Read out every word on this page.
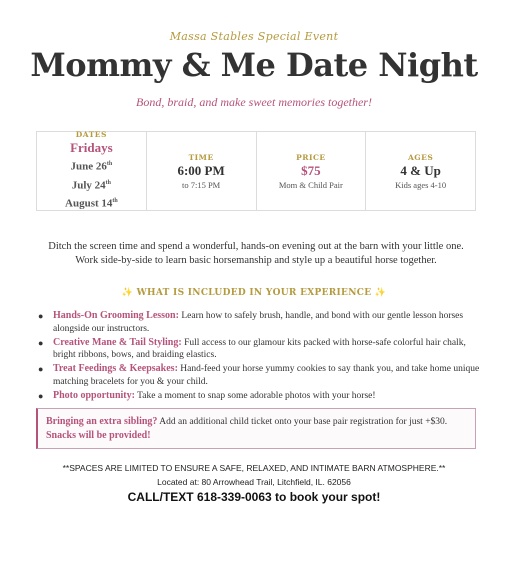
Massa Stables Special Event
Mommy & Me Date Night
Bond, braid, and make sweet memories together!
DATES
Fridays
June 26th
July 24th
August 14th
TIME
6:00 PM
to 7:15 PM
PRICE
$75
Mom & Child Pair
AGES
4 & Up
Kids ages 4-10
Ditch the screen time and spend a wonderful, hands-on evening out at the barn with your little one. Work side-by-side to learn basic horsemanship and style up a beautiful horse together.
✨ WHAT IS INCLUDED IN YOUR EXPERIENCE ✨
● Hands-On Grooming Lesson: Learn how to safely brush, handle, and bond with our gentle lesson horses alongside our instructors.
● Creative Mane & Tail Styling: Full access to our glamour kits packed with horse-safe colorful hair chalk, bright ribbons, bows, and braiding elastics.
● Treat Feedings & Keepsakes: Hand-feed your horse yummy cookies to say thank you, and take home unique matching bracelets for you & your child.
● Photo opportunity: Take a moment to snap some adorable photos with your horse!
Bringing an extra sibling? Add an additional child ticket onto your base pair registration for just +$30. Snacks will be provided!
**SPACES ARE LIMITED TO ENSURE A SAFE, RELAXED, AND INTIMATE BARN ATMOSPHERE.**
Located at: 80 Arrowhead Trail, Litchfield, IL. 62056
CALL/TEXT 618-339-0063 to book your spot!
